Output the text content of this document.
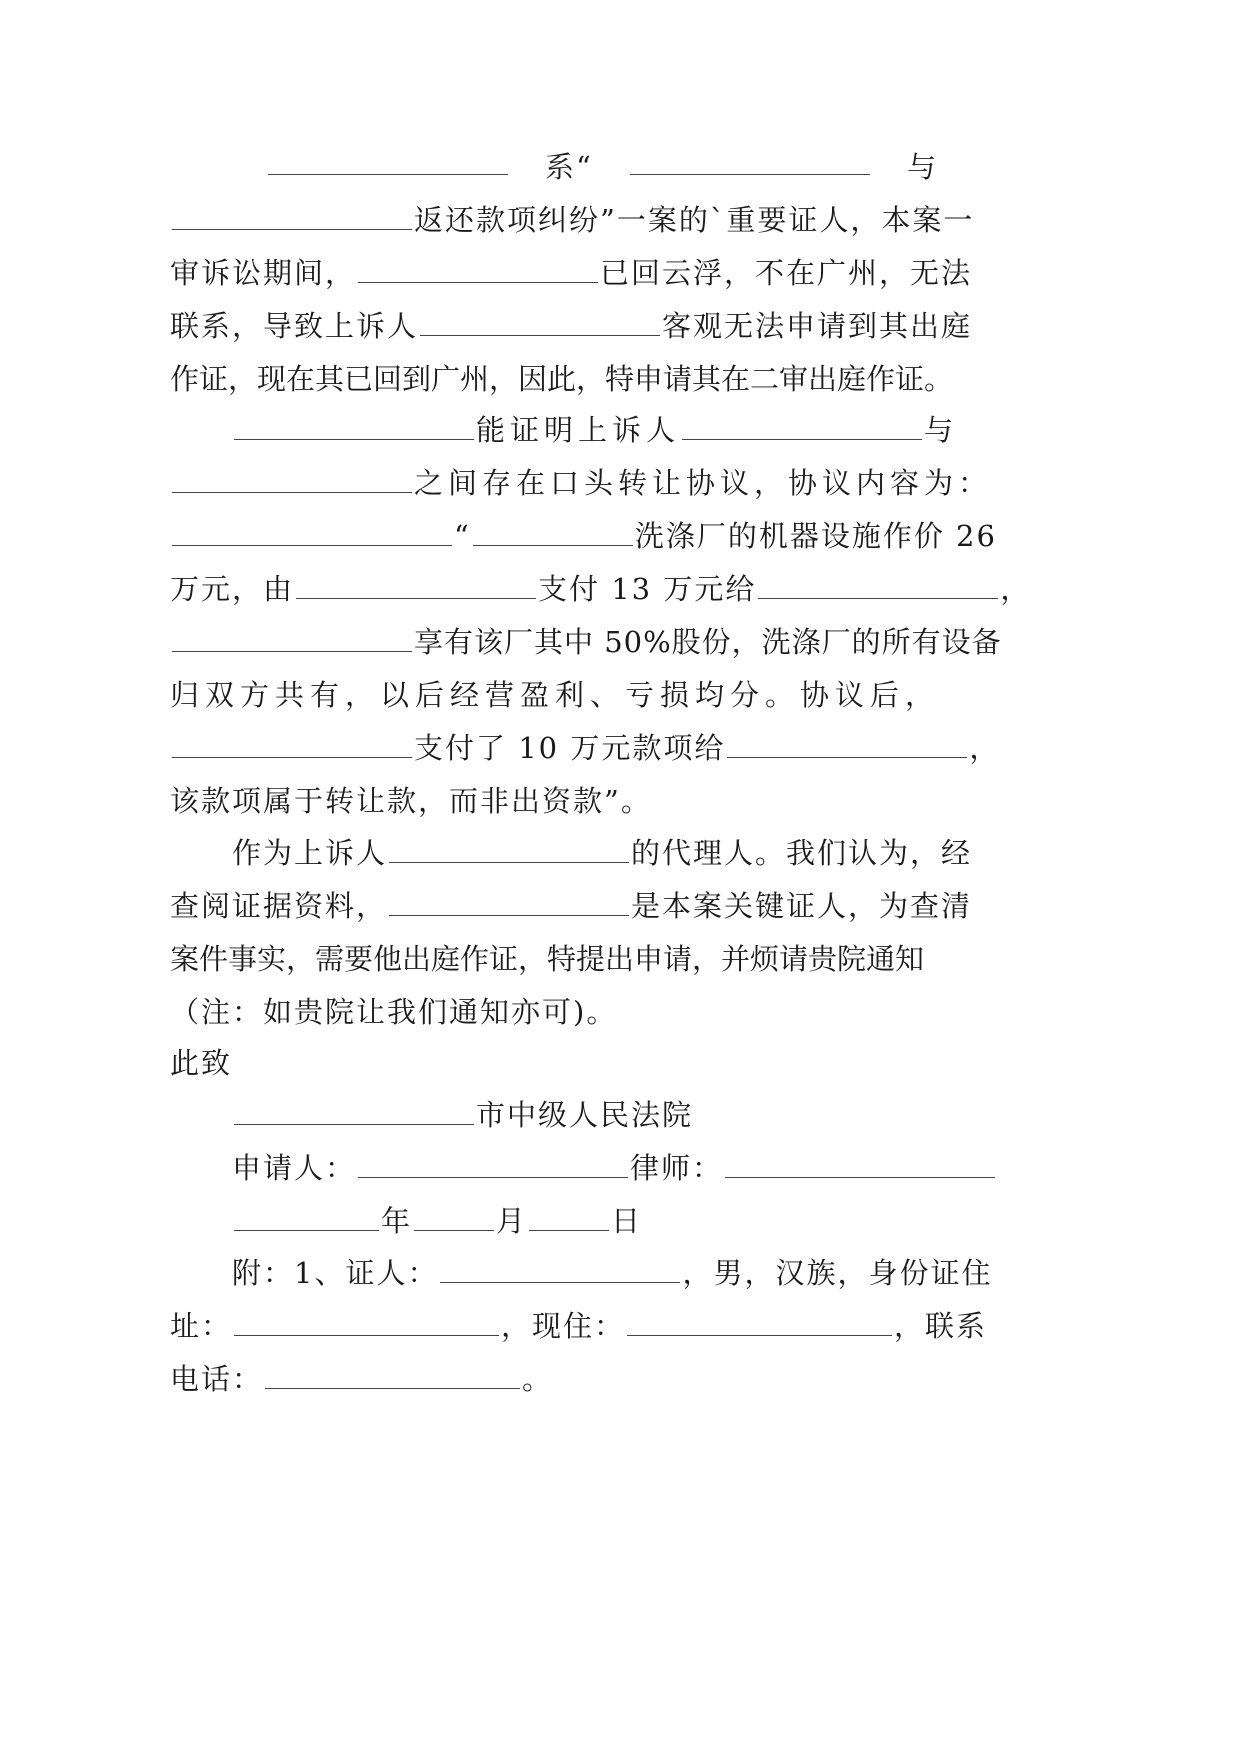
系“	与
返还款项纠纷”一案的`重要证人，本案一
审诉讼期间，	已回云浮，不在广州，无法
联系，导致上诉人	客观无法申请到其出庭
作证，现在其已回到广州，因此，特申请其在二审出庭作证。
能证明上诉人	与
之间存在口头转让协议，协议内容为：
“	洗涤厂的机器设施作价 26
万元，由	支付 13 万元给	，
享有该厂其中 50%股份，洗涤厂的所有设备
归双方共有，以后经营盈利、亏损均分。协议后，
支付了 10 万元款项给	，
该款项属于转让款，而非出资款”。
作为上诉人	的代理人。我们认为，经
查阅证据资料，	是本案关键证人，为查清
案件事实，需要他出庭作证，特提出申请，并烦请贵院通知
（注：如贵院让我们通知亦可)。
此致
市中级人民法院
申请人：	律师：
年	月	日
附：1、证人：	，男，汉族，身份证住
址：	，现住：	，联系
电话：	。
